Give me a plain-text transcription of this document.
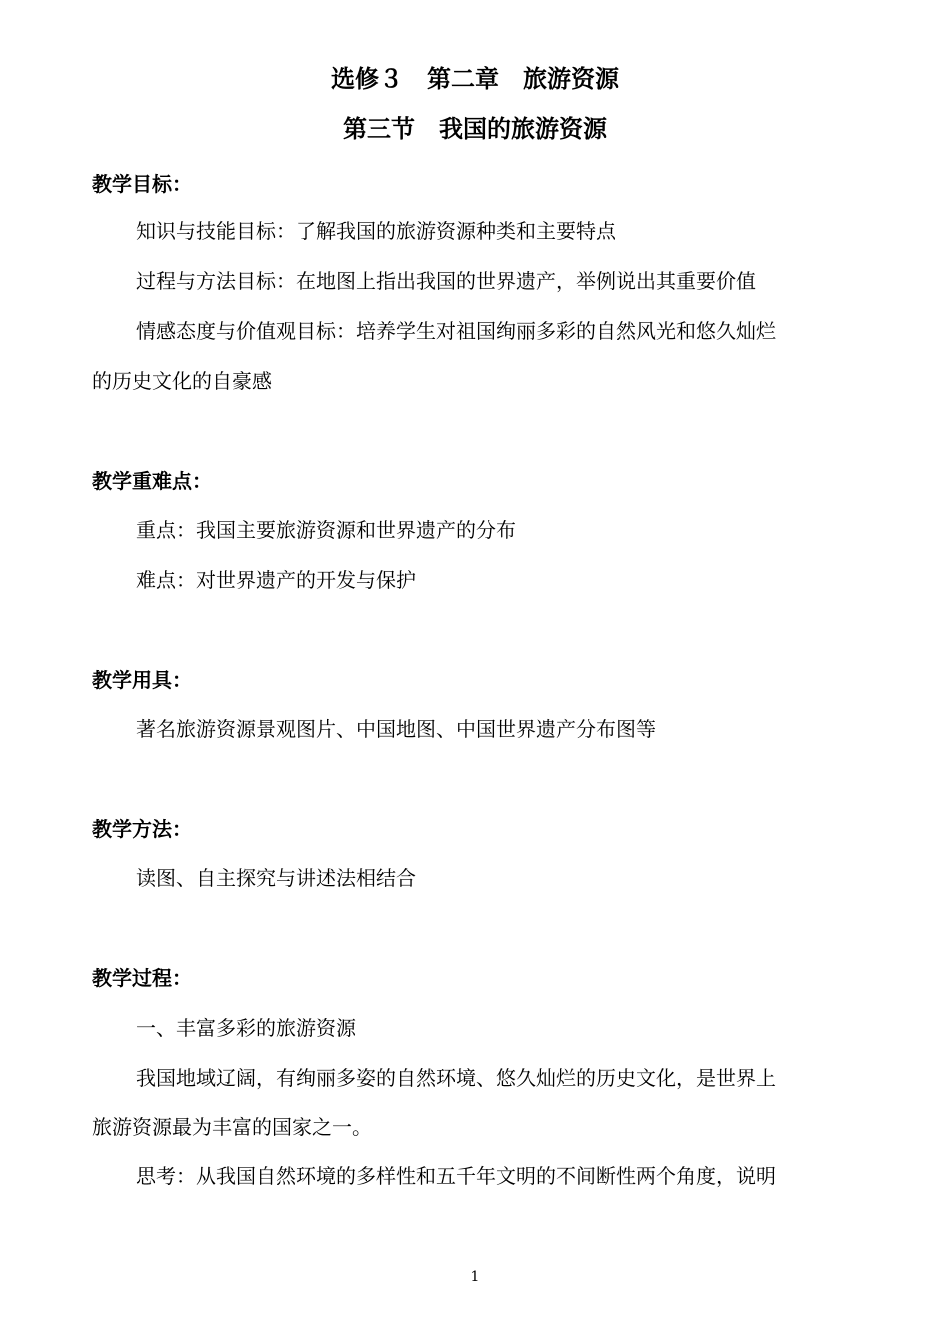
选修３　第二章　旅游资源
第三节　我国的旅游资源
教学目标：
知识与技能目标：了解我国的旅游资源种类和主要特点
过程与方法目标：在地图上指出我国的世界遗产，举例说出其重要价值
情感态度与价值观目标：培养学生对祖国绚丽多彩的自然风光和悠久灿烂
的历史文化的自豪感
教学重难点：
重点：我国主要旅游资源和世界遗产的分布
难点：对世界遗产的开发与保护
教学用具：
著名旅游资源景观图片、中国地图、中国世界遗产分布图等
教学方法：
读图、自主探究与讲述法相结合
教学过程：
一、丰富多彩的旅游资源
我国地域辽阔，有绚丽多姿的自然环境、悠久灿烂的历史文化，是世界上
旅游资源最为丰富的国家之一。
思考：从我国自然环境的多样性和五千年文明的不间断性两个角度，说明
1
